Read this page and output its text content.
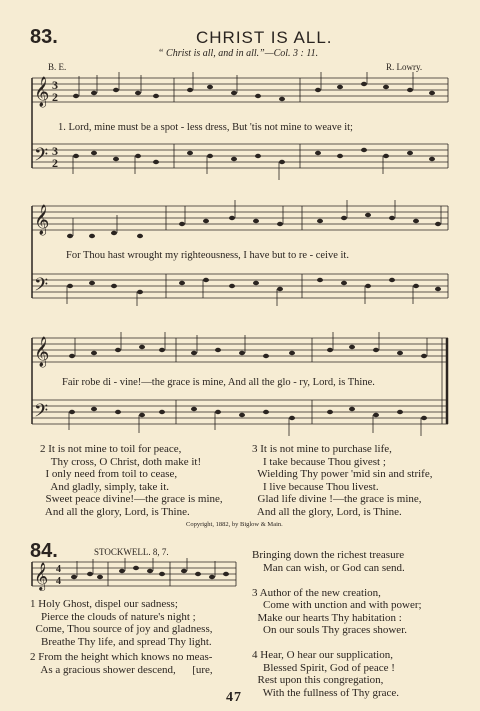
83.	CHRIST IS ALL.
“ Christ is all, and in all.”—Col. 3 : 11.
B. E.	R. Lowry.
𝄞
𝄢
3
2
3
2
1. Lord, mine must be a spot - less dress, But 'tis not mine to weave it;
𝄞
𝄢
For Thou hast wrought my righteousness, I have but to re - ceive it.
𝄞
𝄢
Fair robe di - vine!—the grace is mine, And all the glo - ry, Lord, is Thine.
2 It is not mine to toil for peace,
Thy cross, O Christ, doth make it!
I only need from toil to cease,
And gladly, simply, take it.
Sweet peace divine!—the grace is mine,
And all the glory, Lord, is Thine.
3 It is not mine to purchase life,
I take because Thou givest ;
Wielding Thy power 'mid sin and strife,
I live because Thou livest.
Glad life divine !—the grace is mine,
And all the glory, Lord, is Thine.
Copyright, 1882, by Biglow & Main.
84.	STOCKWELL. 8, 7.
𝄞 4
4
1 Holy Ghost, dispel our sadness;
Pierce the clouds of nature's night ;
Come, Thou source of joy and gladness,
Breathe Thy life, and spread Thy light.
2 From the height which knows no meas-
As a gracious shower descend,      [ure,
Bringing down the richest treasure
Man can wish, or God can send.

3 Author of the new creation,
Come with unction and with power;
Make our hearts Thy habitation :
On our souls Thy graces shower.

4 Hear, O hear our supplication,
Blessed Spirit, God of peace !
Rest upon this congregation,
With the fullness of Thy grace.
47
